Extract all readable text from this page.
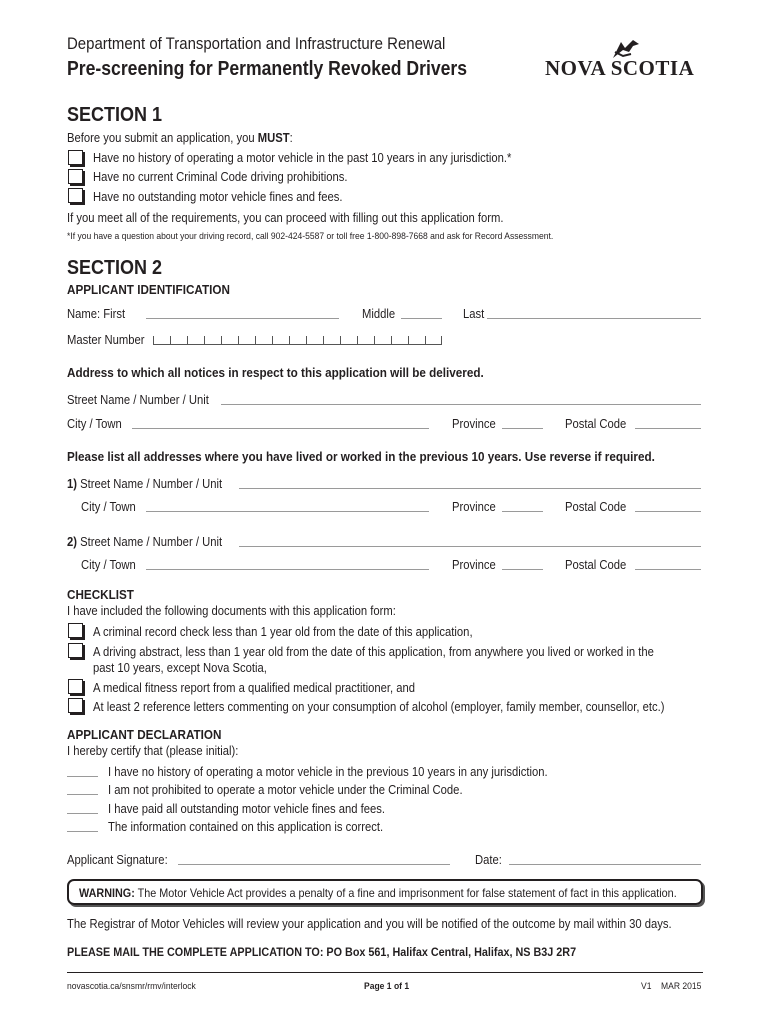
Department of Transportation and Infrastructure Renewal
Pre-screening for Permanently Revoked Drivers	NOVA SCOTIA
SECTION 1
Before you submit an application, you MUST:
Have no history of operating a motor vehicle in the past 10 years in any jurisdiction.*
Have no current Criminal Code driving prohibitions.
Have no outstanding motor vehicle fines and fees.
If you meet all of the requirements, you can proceed with filling out this application form.
*If you have a question about your driving record, call 902-424-5587 or toll free 1-800-898-7668 and ask for Record Assessment.
SECTION 2
APPLICANT IDENTIFICATION
Name: First	Middle	Last
Master Number
Address to which all notices in respect to this application will be delivered.
Street Name / Number / Unit
City / Town	Province	Postal Code
Please list all addresses where you have lived or worked in the previous 10 years. Use reverse if required.
1) Street Name / Number / Unit
City / Town	Province	Postal Code
2) Street Name / Number / Unit
City / Town	Province	Postal Code
CHECKLIST
I have included the following documents with this application form:
A criminal record check less than 1 year old from the date of this application,
A driving abstract, less than 1 year old from the date of this application, from anywhere you lived or worked in the
past 10 years, except Nova Scotia,
A medical fitness report from a qualified medical practitioner, and
At least 2 reference letters commenting on your consumption of alcohol (employer, family member, counsellor, etc.)
APPLICANT DECLARATION
I hereby certify that (please initial):
I have no history of operating a motor vehicle in the previous 10 years in any jurisdiction.
I am not prohibited to operate a motor vehicle under the Criminal Code.
I have paid all outstanding motor vehicle fines and fees.
The information contained on this application is correct.
Applicant Signature:	Date:
WARNING: The Motor Vehicle Act provides a penalty of a fine and imprisonment for false statement of fact in this application.
The Registrar of Motor Vehicles will review your application and you will be notified of the outcome by mail within 30 days.
PLEASE MAIL THE COMPLETE APPLICATION TO: PO Box 561, Halifax Central, Halifax, NS B3J 2R7
novascotia.ca/snsmr/rmv/interlock	Page 1 of 1	V1 MAR 2015
